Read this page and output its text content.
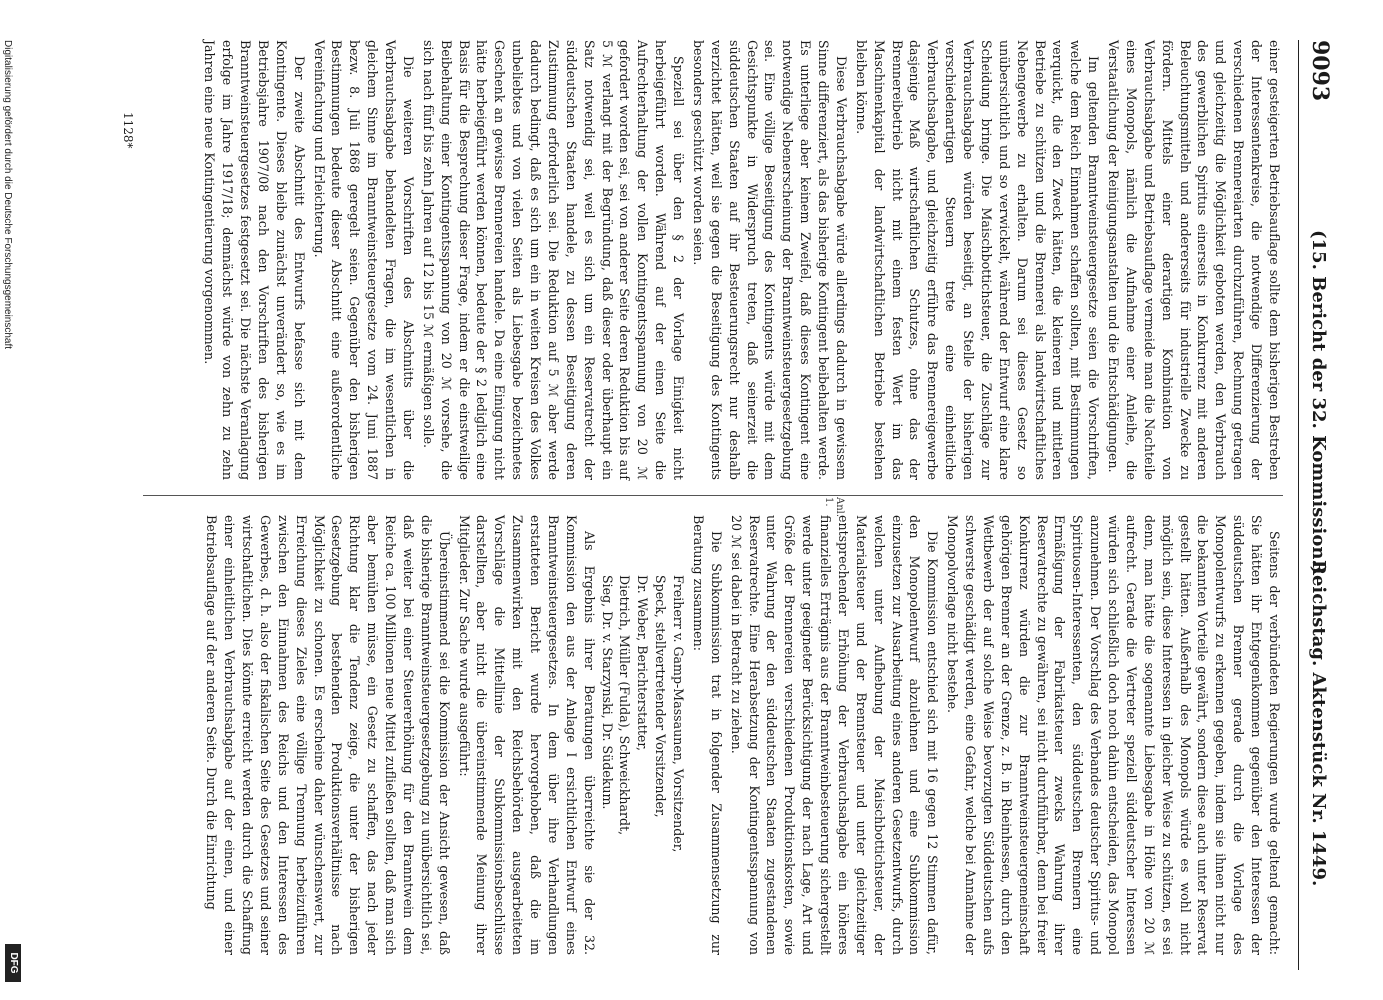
9093
(15. Bericht der 32. Kommission.)
Reichstag. Aktenstück Nr. 1449.

einer gesteigerten Betriebsauflage sollte dem bisherigen Bestreben der Interessentenkreise, die notwendige Differenzierung der verschiedenen Brennereiarten durchzuführen, Rechnung getragen und gleichzeitig die Möglichkeit geboten werden, den Verbrauch des gewerblichen Spiritus einerseits in Konkurrenz mit anderen Beleuchtungsmitteln und andererseits für industrielle Zwecke zu fördern. Mittels einer derartigen Kombination von Verbrauchsabgabe und Betriebsauflage vermeide man die Nachteile eines Monopols, nämlich die Aufnahme einer Anleihe, die Verstaatlichung der Reinigungsanstalten und die Entschädigungen.

Im geltenden Branntweinsteuergesetze seien die Vorschriften, welche dem Reich Einnahmen schaffen sollten, mit Bestimmungen verquickt, die den Zweck hätten, die kleineren und mittleren Betriebe zu schützen und die Brennerei als landwirtschaftliches Nebengewerbe zu erhalten. Darum sei dieses Gesetz so unübersichtlich und so verwickelt, während der Entwurf eine klare Scheidung bringe. Die Maischbottichsteuer, die Zuschläge zur Verbrauchsabgabe würden beseitigt, an Stelle der bisherigen verschiedenartigen Steuern trete eine einheitliche Verbrauchsabgabe, und gleichzeitig erführe das Brennereigewerbe dasjenige Maß wirtschaftlichen Schutzes, ohne das der Brennereibetrieb nicht mit einem festen Wert im das Maschinenkapital der landwirtschaftlichen Betriebe bestehen bleiben könne.

Diese Verbrauchsabgabe würde allerdings dadurch in gewissem Sinne differenziert, als das bisherige Kontingent beibehalten werde. Es unterliege aber keinem Zweifel, daß dieses Kontingent eine notwendige Nebenerscheinung der Branntweinsteuergesetzgebung sei. Eine völlige Beseitigung des Kontingents würde mit dem Gesichtspunkte in Widerspruch treten, daß seinerzeit die süddeutschen Staaten auf ihr Besteuerungsrecht nur deshalb verzichtet hätten, weil sie gegen die Beseitigung des Kontingents besonders geschützt worden seien.

Speziell sei über den § 2 der Vorlage Einigkeit nicht herbeigeführt worden. Während auf der einen Seite die Aufrechterhaltung der vollen Kontingentsspannung von 20 ℳ gefordert worden sei, sei von anderer Seite deren Reduktion bis auf 5 ℳ verlangt mit der Begründung, daß dieser oder überhaupt ein Satz notwendig sei, weil es sich um ein Reservatrecht der süddeutschen Staaten handele, zu dessen Beseitigung deren Zustimmung erforderlich sei. Die Reduktion auf 5 ℳ aber werde dadurch bedingt, daß es sich um ein in weiten Kreisen des Volkes unbeliebtes und von vielen Seiten als Liebesgabe bezeichnetes Geschenk an gewisse Brennereien handele. Da eine Einigung nicht hätte herbeigeführt werden können, bedeute der § 2 lediglich eine Basis für die Besprechung dieser Frage, indem er die einstweilige Beibehaltung einer Kontingentsspannung von 20 ℳ vorsehe, die sich nach fünf bis zehn Jahren auf 12 bis 15 ℳ ermäßigen solle.

Die weiteren Vorschriften des Abschnitts über die Verbrauchsabgabe behandelten Fragen, die im wesentlichen in gleichem Sinne im Branntweinsteuergesetze vom 24. Juni 1887 bezw. 8. Juli 1868 geregelt seien. Gegenüber den bisherigen Bestimmungen bedeute dieser Abschnitt eine außerordentliche Vereinfachung und Erleichterung.

Der zweite Abschnitt des Entwurfs befasse sich mit dem Kontingente. Dieses bleibe zunächst unverändert so, wie es im Betriebsjahre 1907/08 nach den Vorschriften des bisherigen Branntweinsteuergesetzes festgesetzt sei. Die nächste Veranlagung erfolge im Jahre 1917/18; demnächst würde von zehn zu zehn Jahren eine neue Kontingentierung vorgenommen.

Anl. 1.

Seitens der verbündeten Regierungen wurde geltend gemacht: Sie hätten ihr Entgegenkommen gegenüber den Interessen der süddeutschen Brenner gerade durch die Vorlage des Monopolentwurfs zu erkennen gegeben, indem sie ihnen nicht nur die bekannten Vorteile gewährt, sondern diese auch unter Reservat gestellt hätten. Außerhalb des Monopols würde es wohl nicht möglich sein, diese Interessen in gleicher Weise zu schützen, es sei denn, man hätte die sogenannte Liebesgabe in Höhe von 20 ℳ aufrecht. Gerade die Vertreter speziell süddeutscher Interessen würden sich schließlich doch noch dahin entscheiden, das Monopol anzunehmen. Der Vorschlag des Verbandes deutscher Spiritus- und Spirituosen-Interessenten, den süddeutschen Brennern eine Ermäßigung der Fabrikatsteuer zwecks Wahrung ihrer Reservatrechte zu gewähren, sei nicht durchführbar, denn bei freier Konkurrenz würden die zur Branntweinsteuergemeinschaft gehörigen Brenner an der Grenze, z. B. in Rheinhessen, durch den Wettbewerb der auf solche Weise bevorzugten Süddeutschen aufs schwerste geschädigt werden, eine Gefahr, welche bei Annahme der Monopolvorlage nicht bestehe.

Die Kommission entschied sich mit 16 gegen 12 Stimmen dafür, den Monopolentwurf abzulehnen und eine Subkommission einzusetzen zur Ausarbeitung eines anderen Gesetzentwurfs, durch welchen unter Aufhebung der Maischbottichsteuer, der Materialsteuer und der Brennsteuer und unter gleichzeitiger entsprechender Erhöhung der Verbrauchsabgabe ein höheres finanzielles Erträgnis aus der Branntweinbesteuerung sichergestellt werde unter geeigneter Berücksichtigung der nach Lage, Art und Größe der Brennereien verschiedenen Produktionskosten, sowie unter Wahrung der den süddeutschen Staaten zugestandenen Reservatrechte. Eine Herabsetzung der Kontingentsspannung von 20 ℳ sei dabei in Betracht zu ziehen.

Die Subkommission trat in folgender Zusammensetzung zur Beratung zusammen:

Freiherr v. Gamp-Massaunen, Vorsitzender,

Speck, stellvertretender Vorsitzender,

Dr. Weber, Berichterstatter,

Dietrich, Müller (Fulda), Schweickhardt,

Sieg, Dr. v. Starzynski, Dr. Südekum.

Als Ergebnis ihrer Beratungen überreichte sie der 32. Kommission den aus der Anlage I ersichtlichen Entwurf eines Branntweinsteuergesetzes. In dem über ihre Verhandlungen erstatteten Bericht wurde hervorgehoben, daß die im Zusammenwirken mit den Reichsbehörden ausgearbeiteten Vorschläge die Mittellinie der Subkommissionsbeschlüsse darstellten, aber nicht die übereinstimmende Meinung ihrer Mitglieder. Zur Sache wurde ausgeführt:

Übereinstimmend sei die Kommission der Ansicht gewesen, daß die bisherige Branntweinsteuergesetzgebung zu unübersichtlich sei, daß weiter bei einer Steuererhöhung für den Branntwein dem Reiche ca. 100 Millionen neue Mittel zufließen sollten, daß man sich aber bemühen müsse, ein Gesetz zu schaffen, das nach jeder Richtung klar die Tendenz zeige, die unter der bisherigen Gesetzgebung bestehenden Produktionsverhältnisse nach Möglichkeit zu schonen. Es erscheine daher wünschenswert, zur Erreichung dieses Zieles eine völlige Trennung herbeizuführen zwischen den Einnahmen des Reichs und den Interessen des Gewerbes, d. h. also der fiskalischen Seite des Gesetzes und seiner wirtschaftlichen. Dies könnte erreicht werden durch die Schaffung einer einheitlichen Verbrauchsabgabe auf der einen, und einer Betriebsauflage auf der anderen Seite. Durch die Einrichtung

1128*
Digitalisierung gefördert durch die Deutsche Forschungsgemeinschaft
DFG
